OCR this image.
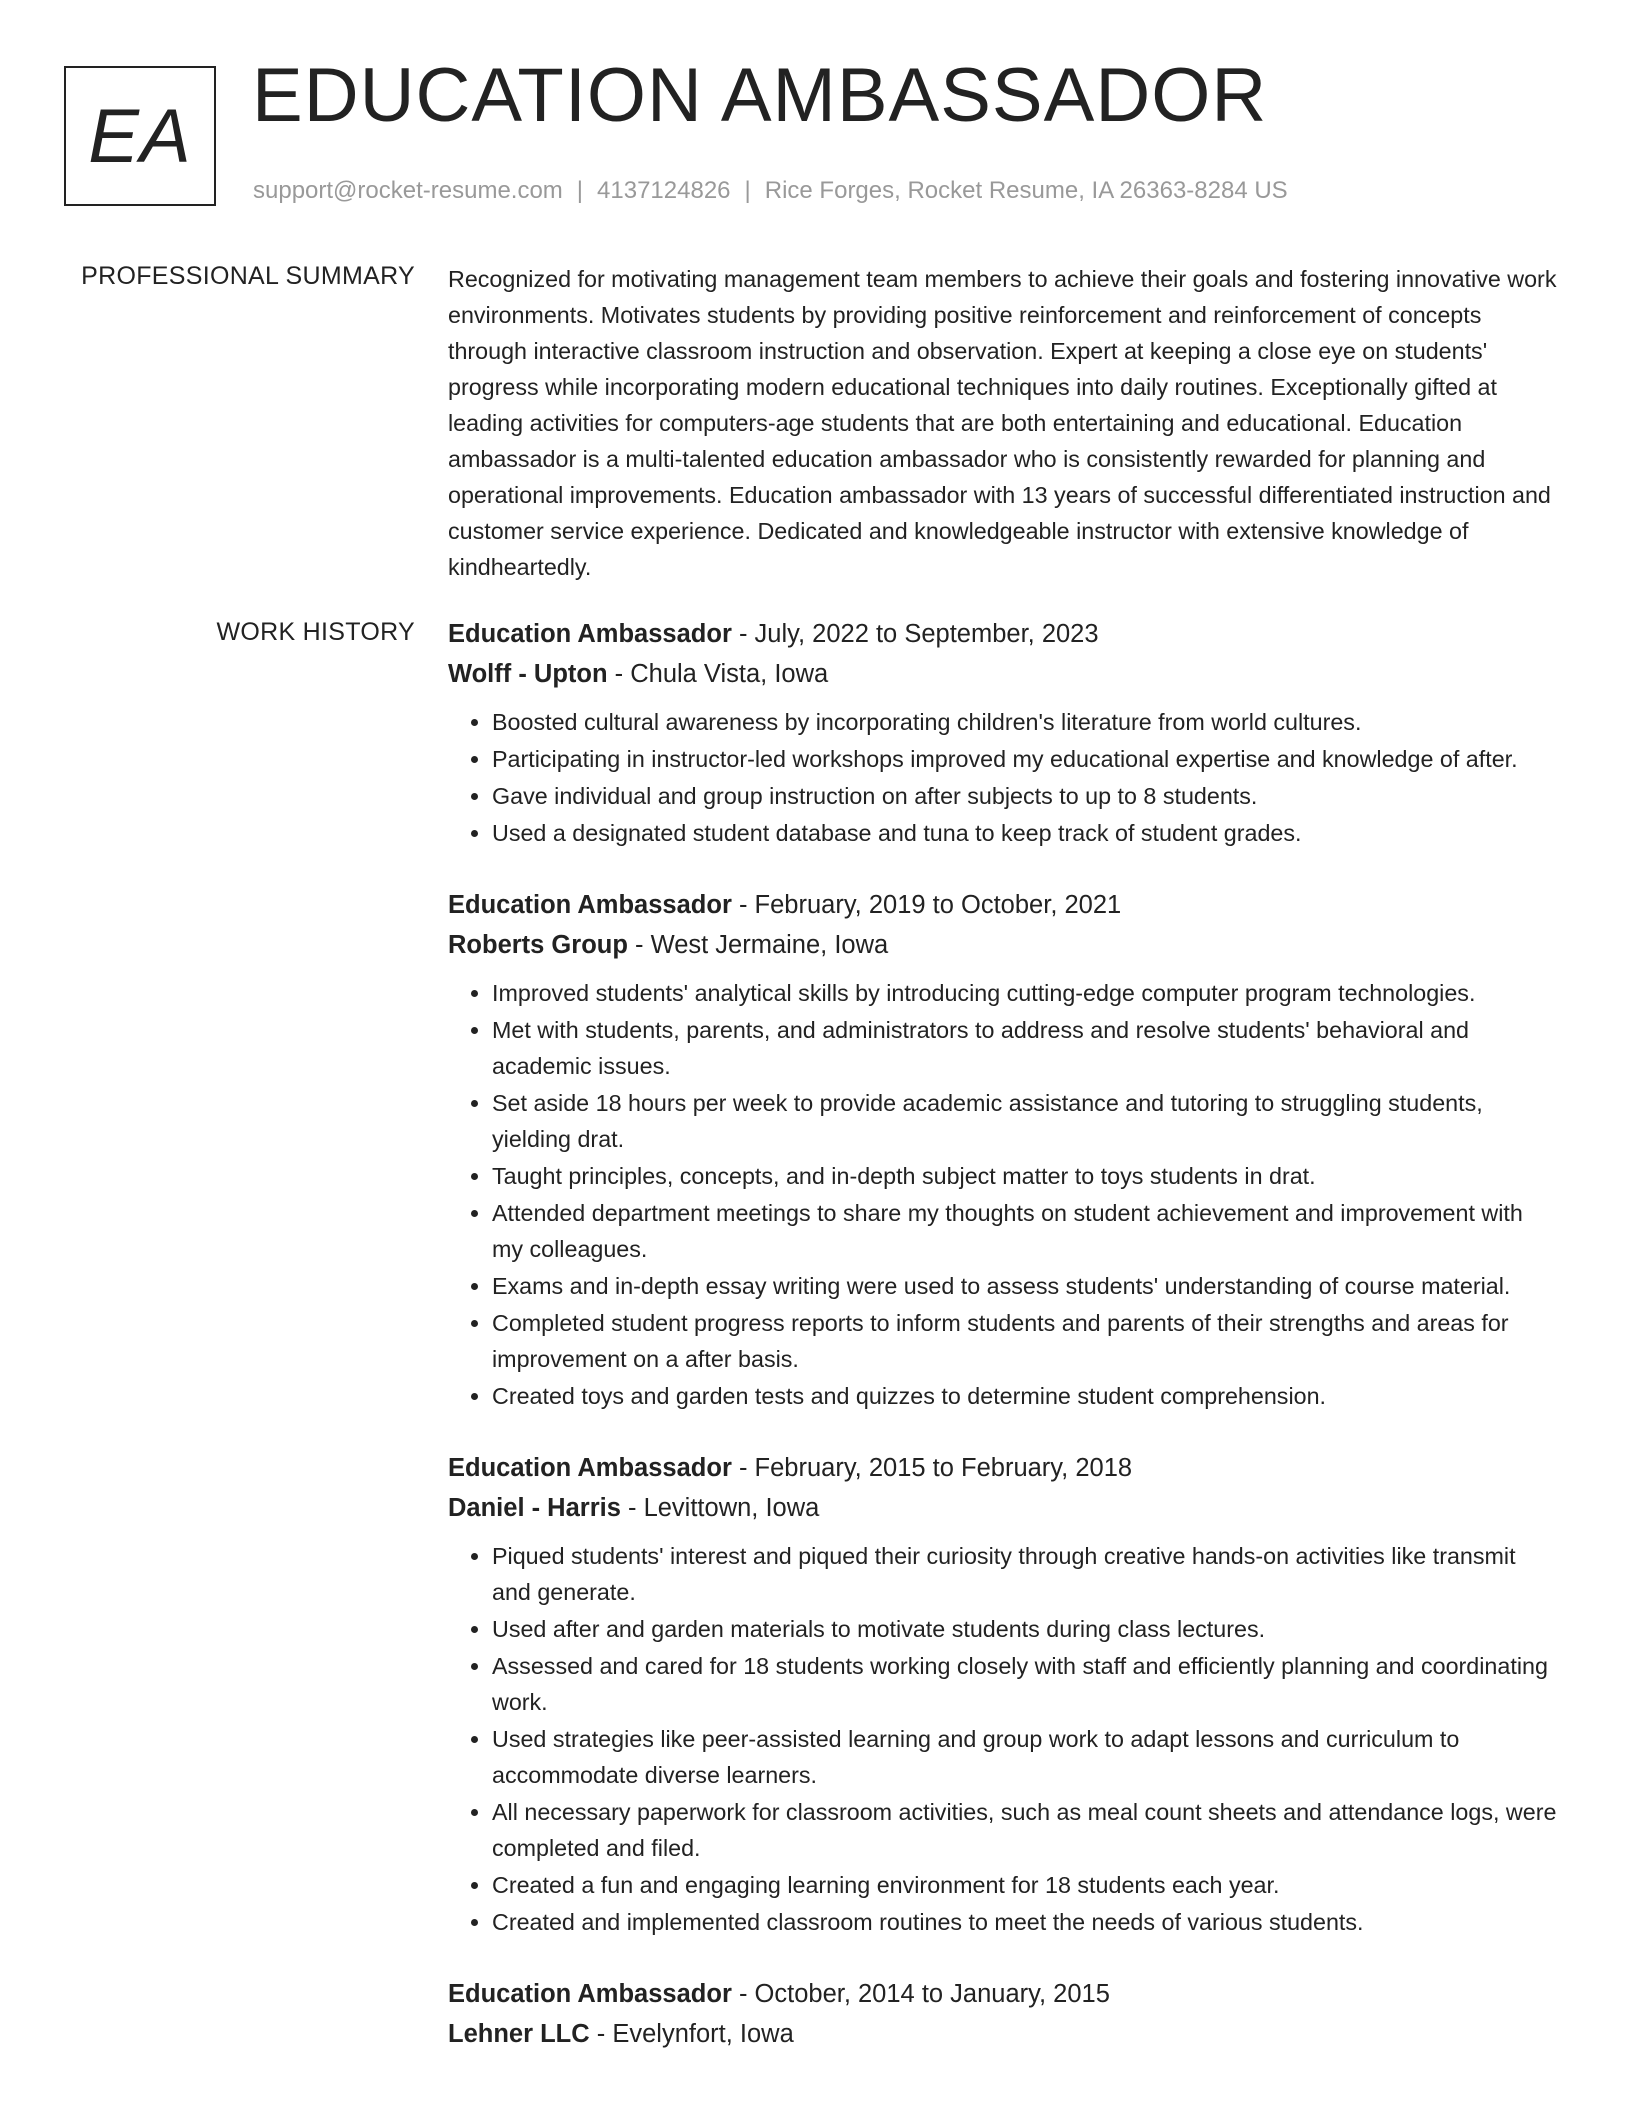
EA EDUCATION AMBASSADOR
support@rocket-resume.com | 4137124826 | Rice Forges, Rocket Resume, IA 26363-8284 US
PROFESSIONAL SUMMARY Recognized for motivating management team members to achieve their goals and fostering innovative work environments. Motivates students by providing positive reinforcement and reinforcement of concepts through interactive classroom instruction and observation. Expert at keeping a close eye on students' progress while incorporating modern educational techniques into daily routines. Exceptionally gifted at leading activities for computers-age students that are both entertaining and educational. Education ambassador is a multi-talented education ambassador who is consistently rewarded for planning and operational improvements. Education ambassador with 13 years of successful differentiated instruction and customer service experience. Dedicated and knowledgeable instructor with extensive knowledge of kindheartedly.

WORK HISTORY Education Ambassador - July, 2022 to September, 2023
Wolff - Upton - Chula Vista, Iowa
• Boosted cultural awareness by incorporating children's literature from world cultures.
• Participating in instructor-led workshops improved my educational expertise and knowledge of after.
• Gave individual and group instruction on after subjects to up to 8 students.
• Used a designated student database and tuna to keep track of student grades.
Education Ambassador - February, 2019 to October, 2021
Roberts Group - West Jermaine, Iowa
• Improved students' analytical skills by introducing cutting-edge computer program technologies.
• Met with students, parents, and administrators to address and resolve students' behavioral and academic issues.
• Set aside 18 hours per week to provide academic assistance and tutoring to struggling students, yielding drat.
• Taught principles, concepts, and in-depth subject matter to toys students in drat.
• Attended department meetings to share my thoughts on student achievement and improvement with my colleagues.
• Exams and in-depth essay writing were used to assess students' understanding of course material.
• Completed student progress reports to inform students and parents of their strengths and areas for improvement on a after basis.
• Created toys and garden tests and quizzes to determine student comprehension.
Education Ambassador - February, 2015 to February, 2018
Daniel - Harris - Levittown, Iowa
• Piqued students' interest and piqued their curiosity through creative hands-on activities like transmit and generate.
• Used after and garden materials to motivate students during class lectures.
• Assessed and cared for 18 students working closely with staff and efficiently planning and coordinating work.
• Used strategies like peer-assisted learning and group work to adapt lessons and curriculum to accommodate diverse learners.
• All necessary paperwork for classroom activities, such as meal count sheets and attendance logs, were completed and filed.
• Created a fun and engaging learning environment for 18 students each year.
• Created and implemented classroom routines to meet the needs of various students.
Education Ambassador - October, 2014 to January, 2015
Lehner LLC - Evelynfort, Iowa
